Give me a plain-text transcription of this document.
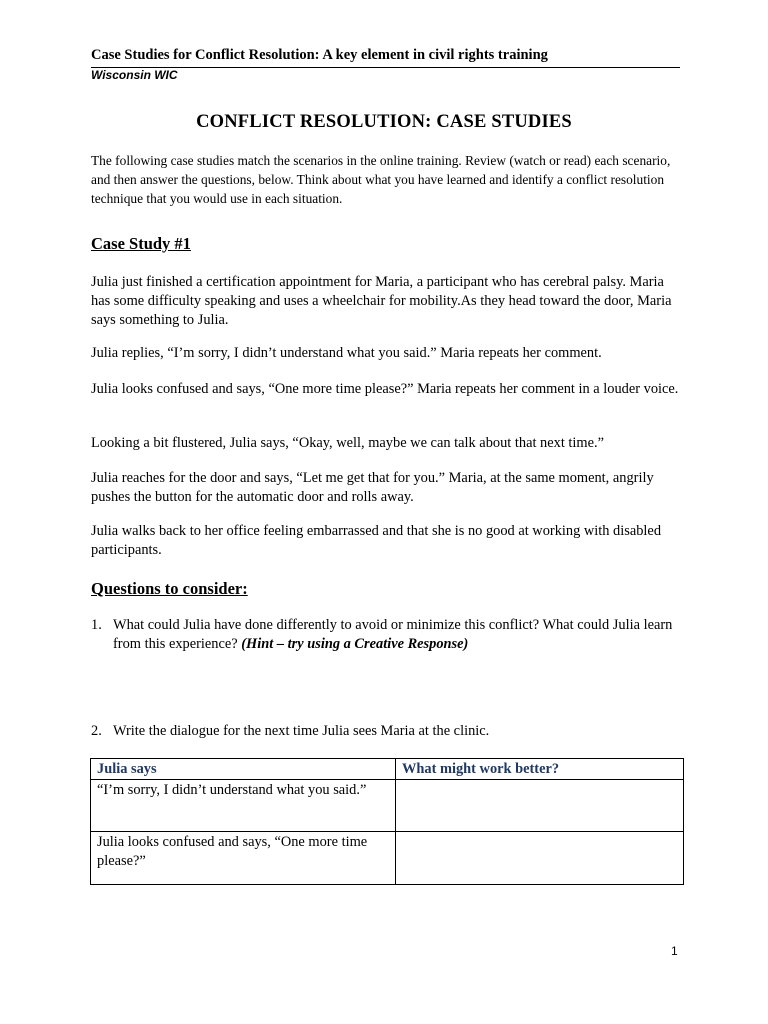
Case Studies for Conflict Resolution: A key element in civil rights training
Wisconsin WIC
CONFLICT RESOLUTION: CASE STUDIES

The following case studies match the scenarios in the online training. Review (watch or read) each scenario, and then answer the questions, below. Think about what you have learned and identify a conflict resolution technique that you would use in each situation.

Case Study #1

Julia just finished a certification appointment for Maria, a participant who has cerebral palsy. Maria has some difficulty speaking and uses a wheelchair for mobility.As they head toward the door, Maria says something to Julia.

Julia replies, “I’m sorry, I didn’t understand what you said.” Maria repeats her comment.

Julia looks confused and says, “One more time please?” Maria repeats her comment in a louder voice.

Looking a bit flustered, Julia says, “Okay, well, maybe we can talk about that next time.”

Julia reaches for the door and says, “Let me get that for you.” Maria, at the same moment, angrily pushes the button for the automatic door and rolls away.

Julia walks back to her office feeling embarrassed and that she is no good at working with disabled participants.

Questions to consider:
1. What could Julia have done differently to avoid or minimize this conflict? What could Julia learn from this experience? (Hint – try using a Creative Response)
2. Write the dialogue for the next time Julia sees Maria at the clinic.
Julia says	What might work better?
“I’m sorry, I didn’t understand what you said.”	
Julia looks confused and says, “One more time please?”	
1
